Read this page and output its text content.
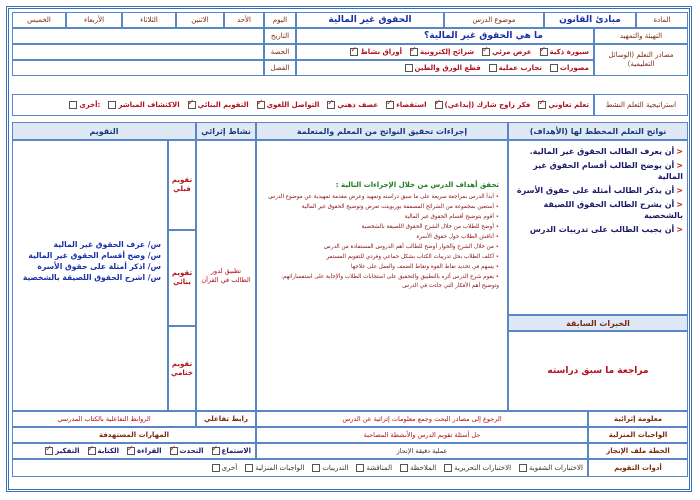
المادة
مبادئ القانون
موضوع الدرس
الحقوق غير المالية
اليوم
الأحد
الاثنين
الثلاثاء
الأربعاء
الخميس
التهيئة والتمهيد
ما هي الحقوق غير المالية؟
التاريخ
مصادر التعلم (الوسائل التعليمية)
✓سبورة ذكية
✓عرض مرئي
✓شرائح إلكترونية
✓أوراق نشاط
مصورات
تجارب عملية
قطع الورق والطين
الحصة
الفصل
استراتيجية التعلم النشط
✓تعلم تعاوني
✓فكر زاوج شارك (إبداعي)
✓استقصاء
✓عصف ذهني
✓التواصل اللغوي
✓التقويم البنائي
الاكتشاف المباشر
أخرى:
نواتج التعلم المخطط لها (الأهداف)
إجراءات تحقيق النواتج من المعلم والمتعلمة
نشاط إثرائي
التقويم
<أن يعرف الطالب الحقوق غير المالية.
<أن يوضح الطالب أقسام الحقوق غير المالية
<أن يذكر الطالب أمثلة على حقوق الأسرة
<أن يشرح الطالب الحقوق اللصيقة بالشخصية
<أن يجيب الطالب على تدريبات الدرس
الخبرات السابقة
مراجعة ما سبق دراسته
تحقق أهداف الدرس من خلال الإجراءات التالية :
• أبدأ الدرس بمراجعة سريعة على ما سبق دراسته وتمهيد وعرض مقدمة تمهيدية عن موضوع الدرس
• أستعين بمجموعة من الشرائح المصممة بوربوينت تعرض وتوضيح الحقوق غير المالية
• أقوم بتوضيح أقسام الحقوق غير المالية
• أوضح للطلاب من خلال الشرح الحقوق اللصيقة بالشخصية
• أناقش الطلاب حول حقوق الأسرة
• من خلال الشرح والحوار أوضح للطالب أهم الدروس المستفادة من الدرس
• أكلف الطلاب بحل تدريبات الكتاب بشكل جماعي وفردي للتقويم المستمر
• يسهم في تحديد نقاط القوة ونقاط الضعف والعمل على علاجها
• يقوم شرح الدرس أثره بالتطبيق والتحقيق على استجابات الطلاب والإجابة على استفساراتهم، وتوضيح أهم الأفكار التي جاءت في الدرس
تطبيق لدور الطالب في القرآن
تقويم قبلي
تقويم بنائي
تقويم ختامي
س/ عرف الحقوق غير المالية
س/ وضح أقسام الحقوق غير المالية
س/ اذكر أمثلة على حقوق الأسرة
س/ اشرح الحقوق اللصيقة بالشخصية
معلومة إثرائية
الرجوع إلى مصادر البحث وجمع معلومات إثرائية عن الدرس
رابط تفاعلي
الروابط التفاعلية بالكتاب المدرسي
الواجبات المنزلية
حل أسئلة تقويم الدرس والأنشطة المصاحبة
المهارات المستهدفة
الخطة ملف الإنجاز
عملية دقيقة الإنجاز
✓الاستماع
✓التحدث
✓القراءة
✓الكتابة
✓التفكير
أدوات التقويم
الاختبارات الشفوية
الاختبارات التحريرية
الملاحظة
المناقشة
التدريبات
الواجبات المنزلية
أخرى
